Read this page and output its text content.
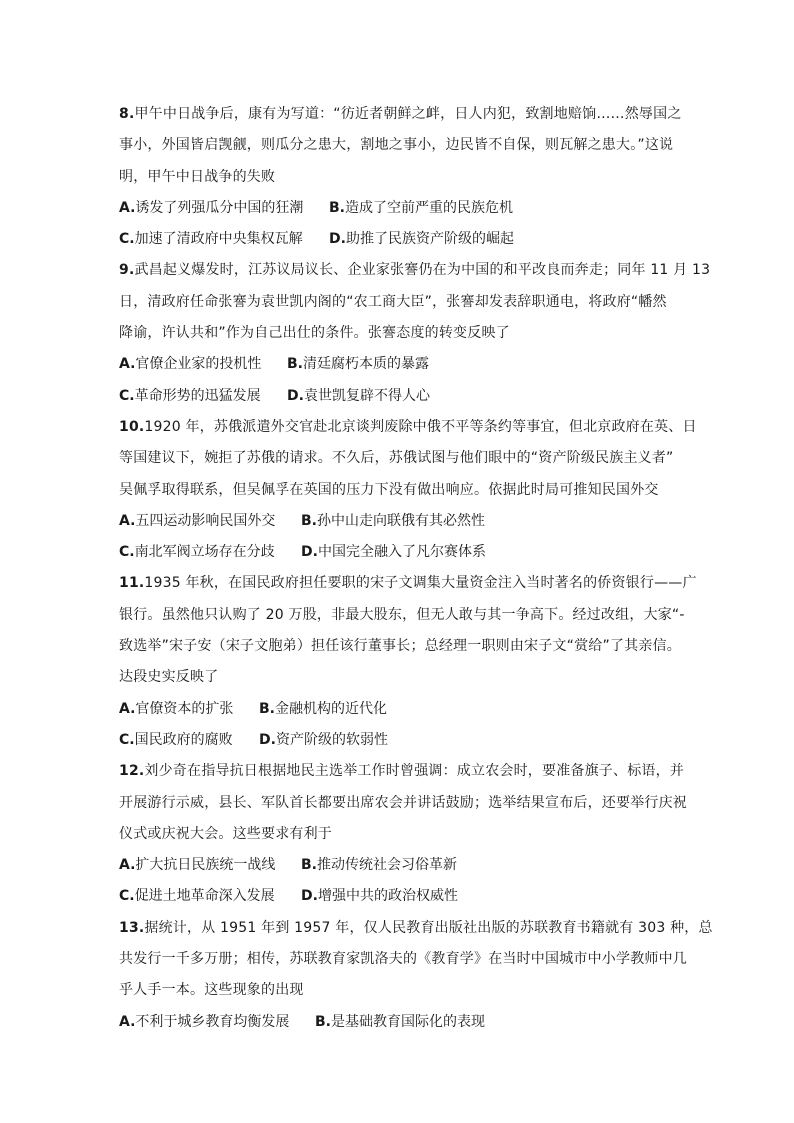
8.甲午中日战争后，康有为写道：“彷近者朝鲜之衅，日人内犯，致割地赔饷……然辱国之
事小，外国皆启觊觎，则瓜分之患大，割地之事小，边民皆不自保，则瓦解之患大。”这说
明，甲午中日战争的失败
A.诱发了列强瓜分中国的狂潮	B.造成了空前严重的民族危机
C.加速了清政府中央集权瓦解	D.助推了民族资产阶级的崛起
9.武昌起义爆发时，江苏议局议长、企业家张謇仍在为中国的和平改良而奔走；同年 11 月 13
日，清政府任命张謇为袁世凯内阁的“农工商大臣”，张謇却发表辞职通电，将政府“幡然
降谕，许认共和”作为自己出仕的条件。张謇态度的转变反映了
A.官僚企业家的投机性	B.清廷腐朽本质的暴露
C.革命形势的迅猛发展	D.袁世凯复辟不得人心
10.1920 年，苏俄派遣外交官赴北京谈判废除中俄不平等条约等事宜，但北京政府在英、日
等国建议下，婉拒了苏俄的请求。不久后，苏俄试图与他们眼中的“资产阶级民族主义者”
吴佩孚取得联系，但吴佩孚在英国的压力下没有做出响应。依据此时局可推知民国外交
A.五四运动影响民国外交	B.孙中山走向联俄有其必然性
C.南北军阀立场存在分歧	D.中国完全融入了凡尔赛体系
11.1935 年秋，在国民政府担任要职的宋子文调集大量资金注入当时著名的侨资银行——广
银行。虽然他只认购了 20 万股，非最大股东，但无人敢与其一争高下。经过改组，大家“-
致选举”宋子安（宋子文胞弟）担任该行董事长；总经理一职则由宋子文“赏给”了其亲信。
达段史实反映了
A.官僚资本的扩张	B.金融机构的近代化
C.国民政府的腐败	D.资产阶级的软弱性
12.刘少奇在指导抗日根据地民主选举工作时曾强调：成立农会时，要准备旗子、标语，并
开展游行示威，县长、军队首长都要出席农会并讲话鼓励；选举结果宣布后，还要举行庆祝
仪式或庆祝大会。这些要求有利于
A.扩大抗日民族统一战线	B.推动传统社会习俗革新
C.促进土地革命深入发展	D.增强中共的政治权威性
13.据统计，从 1951 年到 1957 年，仅人民教育出版社出版的苏联教育书籍就有 303 种，总
共发行一千多万册；相传，苏联教育家凯洛夫的《教育学》在当时中国城市中小学教师中几
乎人手一本。这些现象的出现
A.不利于城乡教育均衡发展	B.是基础教育国际化的表现
